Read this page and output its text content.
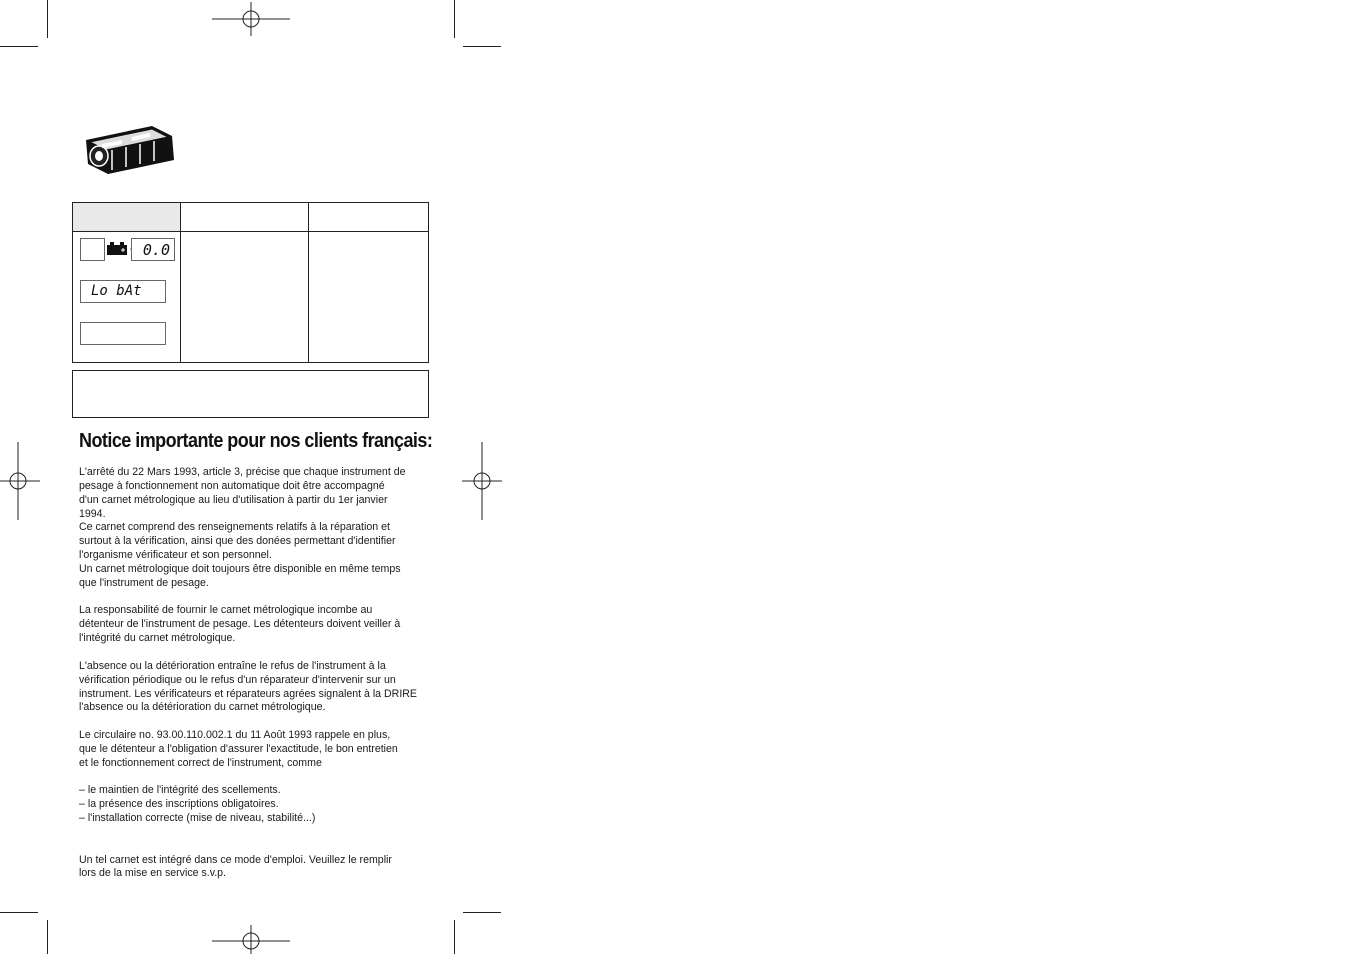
0.0
Lo bAt
Notice importante pour nos clients français:
L'arrêté du 22 Mars 1993, article 3, précise que chaque instrument de
pesage à fonctionnement non automatique doit être accompagné
d'un carnet métrologique au lieu d'utilisation à partir du 1er janvier
1994.
Ce carnet comprend des renseignements relatifs à la réparation et
surtout à la vérification, ainsi que des donées permettant d'identifier
l'organisme vérificateur et son personnel.
Un carnet métrologique doit toujours être disponible en même temps
que l'instrument de pesage.
La responsabilité de fournir le carnet métrologique incombe au
détenteur de l'instrument de pesage. Les détenteurs doivent veiller à
l'intégrité du carnet métrologique.
L'absence ou la détérioration entraîne le refus de l'instrument à la
vérification périodique ou le refus d'un réparateur d'intervenir sur un
instrument. Les vérificateurs et réparateurs agrées signalent à la DRIRE
l'absence ou la détérioration du carnet métrologique.
Le circulaire no. 93.00.110.002.1 du 11 Août 1993 rappele en plus,
que le détenteur a l'obligation d'assurer l'exactitude, le bon entretien
et le fonctionnement correct de l'instrument, comme
– le maintien de l'intégrité des scellements.
– la présence des inscriptions obligatoires.
– l'installation correcte (mise de niveau, stabilité...)
Un tel carnet est intégré dans ce mode d'emploi. Veuillez le remplir
lors de la mise en service s.v.p.
